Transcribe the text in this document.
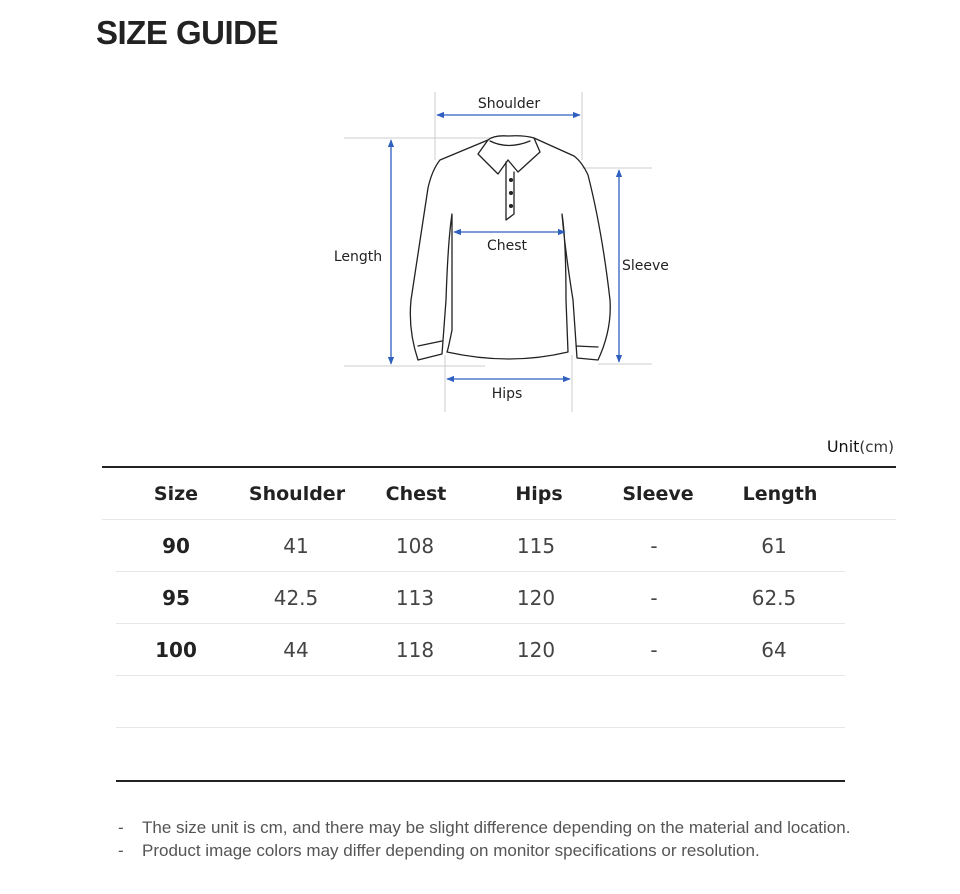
SIZE GUIDE
Shoulder
Chest
Length
Sleeve
Hips
Unit(cm)
Size	Shoulder	Chest	Hips	Sleeve	Length
90	41	108	115	-	61
95	42.5	113	120	-	62.5
100	44	118	120	-	64
- The size unit is cm, and there may be slight difference depending on the material and location.
- Product image colors may differ depending on monitor specifications or resolution.
